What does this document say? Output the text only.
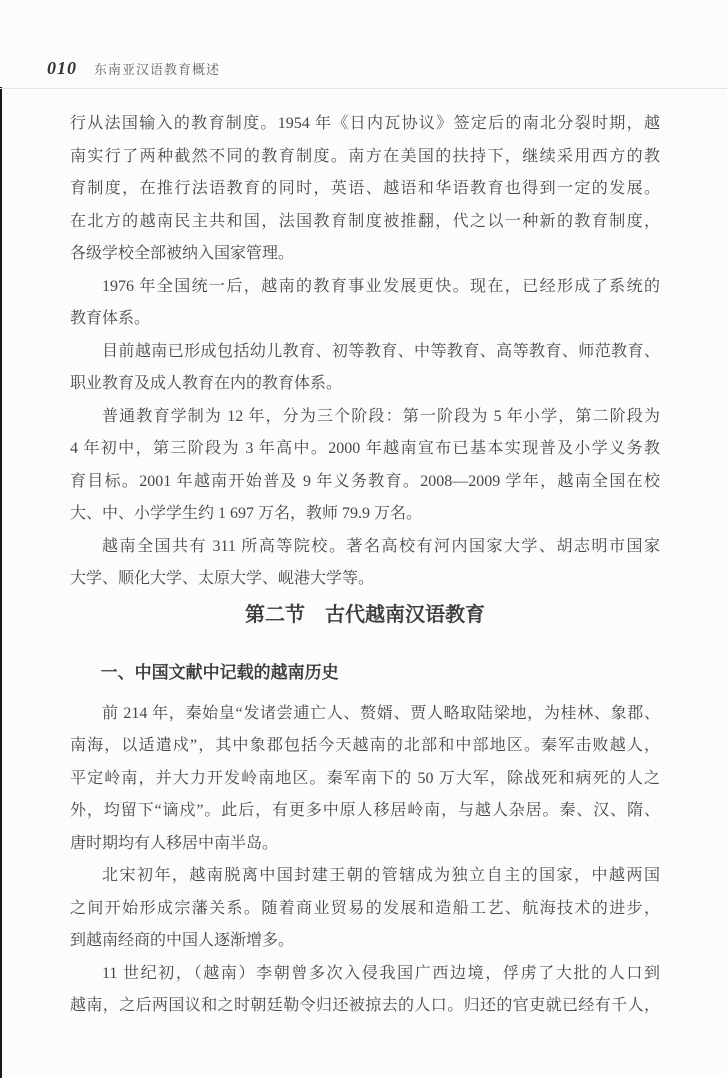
010 东南亚汉语教育概述
行从法国输入的教育制度。1954 年《日内瓦协议》签定后的南北分裂时期，越
南实行了两种截然不同的教育制度。南方在美国的扶持下，继续采用西方的教
育制度，在推行法语教育的同时，英语、越语和华语教育也得到一定的发展。
在北方的越南民主共和国，法国教育制度被推翻，代之以一种新的教育制度，
各级学校全部被纳入国家管理。
1976 年全国统一后，越南的教育事业发展更快。现在，已经形成了系统的
教育体系。
目前越南已形成包括幼儿教育、初等教育、中等教育、高等教育、师范教育、
职业教育及成人教育在内的教育体系。
普通教育学制为 12 年，分为三个阶段：第一阶段为 5 年小学，第二阶段为
4 年初中，第三阶段为 3 年高中。2000 年越南宣布已基本实现普及小学义务教
育目标。2001 年越南开始普及 9 年义务教育。2008—2009 学年，越南全国在校
大、中、小学学生约 1 697 万名，教师 79.9 万名。
越南全国共有 311 所高等院校。著名高校有河内国家大学、胡志明市国家
大学、顺化大学、太原大学、岘港大学等。
第二节　古代越南汉语教育
一、中国文献中记载的越南历史
前 214 年，秦始皇“发诸尝逋亡人、赘婿、贾人略取陆梁地，为桂林、象郡、
南海，以适遣戍”，其中象郡包括今天越南的北部和中部地区。秦军击败越人，
平定岭南，并大力开发岭南地区。秦军南下的 50 万大军，除战死和病死的人之
外，均留下“谪戍”。此后，有更多中原人移居岭南，与越人杂居。秦、汉、隋、
唐时期均有人移居中南半岛。
北宋初年，越南脱离中国封建王朝的管辖成为独立自主的国家，中越两国
之间开始形成宗藩关系。随着商业贸易的发展和造船工艺、航海技术的进步，
到越南经商的中国人逐渐增多。
11 世纪初，（越南）李朝曾多次入侵我国广西边境，俘虏了大批的人口到
越南，之后两国议和之时朝廷勒令归还被掠去的人口。归还的官吏就已经有千人，
